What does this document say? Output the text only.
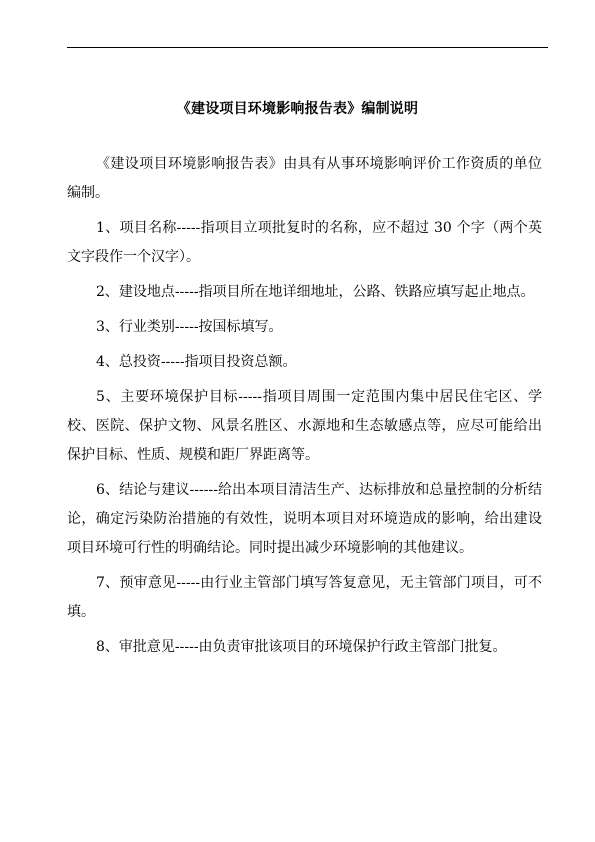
《建设项目环境影响报告表》编制说明

《建设项目环境影响报告表》由具有从事环境影响评价工作资质的单位编制。

1、项目名称-----指项目立项批复时的名称，应不超过 30 个字（两个英文字段作一个汉字）。

2、建设地点-----指项目所在地详细地址，公路、铁路应填写起止地点。

3、行业类别-----按国标填写。

4、总投资-----指项目投资总额。

5、主要环境保护目标-----指项目周围一定范围内集中居民住宅区、学校、医院、保护文物、风景名胜区、水源地和生态敏感点等，应尽可能给出保护目标、性质、规模和距厂界距离等。

6、结论与建议------给出本项目清洁生产、达标排放和总量控制的分析结论，确定污染防治措施的有效性，说明本项目对环境造成的影响，给出建设项目环境可行性的明确结论。同时提出减少环境影响的其他建议。

7、预审意见-----由行业主管部门填写答复意见，无主管部门项目，可不填。

8、审批意见-----由负责审批该项目的环境保护行政主管部门批复。
